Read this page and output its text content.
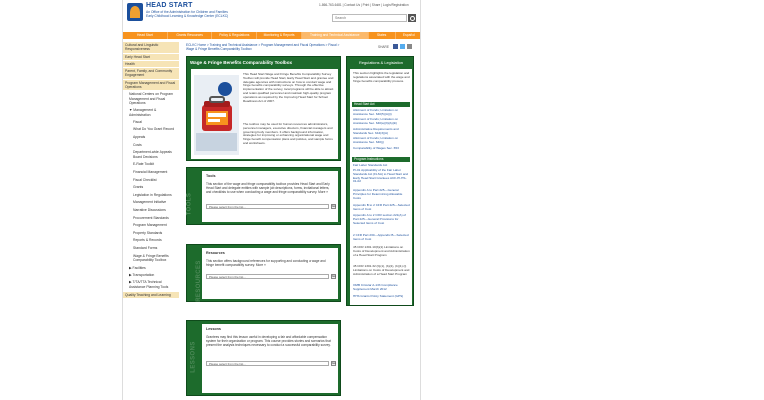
HEAD START
An Office of the Administration for Children and Families
Early Childhood Learning & Knowledge Center (ECLKC)
1-866-763-6481 | Contact Us | Print | Share | Login/Registration
Search
Head Start	Grants Resources	Policy & Regulations	Monitoring & Reports	Training and Technical Assistance	States	Español
Cultural and Linguistic Responsiveness
Early Head Start
Health
Parent, Family, and Community Engagement
Program Management and Fiscal Operations
National Centers on Program Management and Fiscal Operations
▼ Management & Administration
Fiscal
What Do You Grant Record
Appeals
Costs
Department-wide Appeals Board Decisions
E-Rate Toolkit
Financial Management
Fiscal Checklist
Grants
Legislation in Regulations
Management Initiative
Narrative Discussions
Procurement Standards
Program Management
Property Standards
Reports & Records
Standard Forms
Wage & Fringe Benefits Comparability Toolbox
▶ Facilities
▶ Transportation
▶ T/TA/TTA Technical Assistance Planning Tools
Quality Teaching and Learning
ECLKC Home > Training and Technical Assistance > Program Management and Fiscal Operations > Fiscal > Wage & Fringe Benefits Comparability Toolbox
SHARE
Wage & Fringe Benefits Comparability Toolbox
This Head Start Wage and Fringe Benefits Comparability Survey Toolbox will provide Head Start, Early Head Start and grantee and delegate agencies with instructions on how to conduct wage and fringe benefits comparability surveys. Through the effective implementation of the survey, local programs will be able to attract and retain qualified personnel and maintain high-quality program operations as required by the Improving Head Start for School Readiness Act of 2007.
The toolbox may be used for human resources administrators, personnel managers, executive directors, financial managers and governing body members. It offers background information, strategies for improving or enhancing organizational wage and fringe benefit compensation plans and policies, and sample forms and worksheets.
TOOLS
Tools
This section of the wage and fringe comparability toolbox provides Head Start and Early Head Start and delegate entities with sample job descriptions, forms, invitational letters, and checklists to use when conducting a wage and fringe comparability survey. More »
Please select from the list...	Go
RESOURCES
Resources
This section offers background references for supporting and conducting a wage and fringe benefit comparability survey. More »
Please select from the list...	Go
LESSONS
Lessons
Grantees may find this lesson useful in developing a fair and affordable compensation system for their organization or program. This course provides stories and scenarios that present the analysis techniques necessary to conduct a successful comparability survey.
Please select from the list...	Go
Regulations & Legislation
This section highlights the legislation and regulations associated with the wage and fringe benefits comparability process.
Head Start Act
Allotment of Funds; Limitation on Assistance Sec. 640(5)(A)(i)
Allotment of Funds; Limitation on Assistance Sec. 640(a)(3)(A)(iii)
Administrative Requirements and Standards Sec. 644(3)(A)
Allotment of Funds; Limitation on Assistance Sec. 640(j)
Comparability of Wages Sec. 653
Program Instructions
Fair Labor Standards Act
PI-01 Applicability of the Fair Labor Standards Act (FLSA) to Head Start and Early Head Start Grantees ACF-PI-HS-01-02
Appendix A to Part 225—General Principles for Determining Allowable Costs
Appendix B to 2 CFR Part 225—Selected Items of Cost
Appendix A to 2 CFR section 221(A) of Part 225—General Provisions for Selected Items of Cost
2 CFR Part 230—Appendix B—Selected Items of Cost
45 CFR 1301.10(b)(1) Limitations on Costs of Development and Administration of a Head Start Program
45 CFR 1301.32 (b)(1), (b)(1), (b)(1) (i) Limitations on Costs of Development and Administration of a Head Start Program
OMB Circular A-133 Compliance Supplement March 2012
HHS Grants Policy Statement (GPS)
